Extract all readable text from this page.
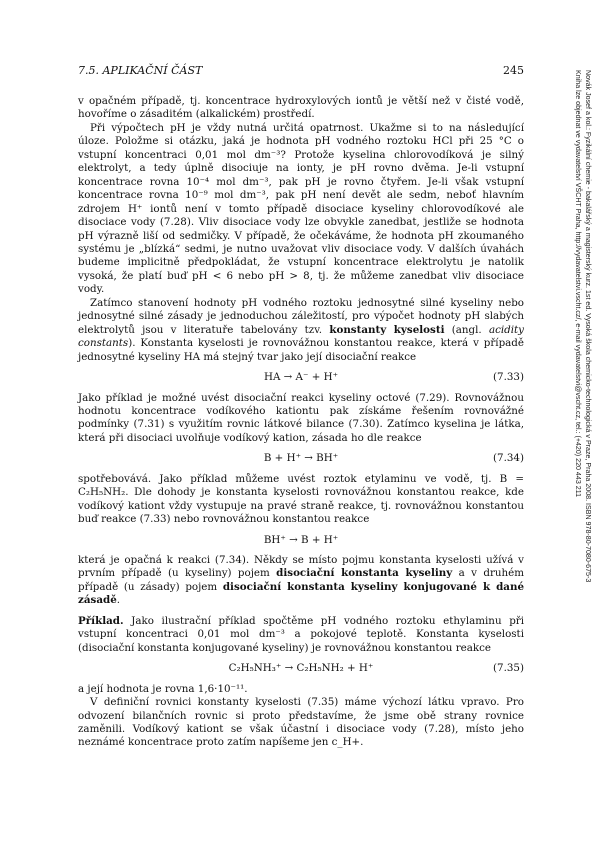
7.5. APLIKAČNÍ ČÁST	245

v opačném případě, tj. koncentrace hydroxylových iontů je větší než v čisté vodě, hovoříme o zásaditém (alkalickém) prostředí.

Při výpočtech pH je vždy nutná určitá opatrnost. Ukažme si to na následující úloze. Položme si otázku, jaká je hodnota pH vodného roztoku HCl při 25 °C o vstupní koncentraci 0,01 mol dm⁻³? Protože kyselina chlorovodíková je silný elektrolyt, a tedy úplně disociuje na ionty, je pH rovno dvěma. Je-li vstupní koncentrace rovna 10⁻⁴ mol dm⁻³, pak pH je rovno čtyřem. Je-li však vstupní koncentrace rovna 10⁻⁹ mol dm⁻³, pak pH není devět ale sedm, neboť hlavním zdrojem H⁺ iontů není v tomto případě disociace kyseliny chlorovodíkové ale disociace vody (7.28). Vliv disociace vody lze obvykle zanedbat, jestliže se hodnota pH výrazně liší od sedmičky. V případě, že očekáváme, že hodnota pH zkoumaného systému je „blízká“ sedmi, je nutno uvažovat vliv disociace vody. V dalších úvahách budeme implicitně předpokládat, že vstupní koncentrace elektrolytu je natolik vysoká, že platí buď pH < 6 nebo pH > 8, tj. že můžeme zanedbat vliv disociace vody.

Zatímco stanovení hodnoty pH vodného roztoku jednosytné silné kyseliny nebo jednosytné silné zásady je jednoduchou záležitostí, pro výpočet hodnoty pH slabých elektrolytů jsou v literatuře tabelovány tzv. konstanty kyselosti (angl. acidity constants). Konstanta kyselosti je rovnovážnou konstantou reakce, která v případě jednosytné kyseliny HA má stejný tvar jako její disociační reakce

HA → A⁻ + H⁺	(7.33)

Jako příklad je možné uvést disociační reakci kyseliny octové (7.29). Rovnovážnou hodnotu koncentrace vodíkového kationtu pak získáme řešením rovnovážné podmínky (7.31) s využitím rovnic látkové bilance (7.30). Zatímco kyselina je látka, která při disociaci uvolňuje vodíkový kation, zásada ho dle reakce

B + H⁺ → BH⁺	(7.34)

spotřebovává. Jako příklad můžeme uvést roztok etylaminu ve vodě, tj. B = C₂H₅NH₂. Dle dohody je konstanta kyselosti rovnovážnou konstantou reakce, kde vodíkový kationt vždy vystupuje na pravé straně reakce, tj. rovnovážnou konstantou buď reakce (7.33) nebo rovnovážnou konstantou reakce

BH⁺ → B + H⁺

která je opačná k reakci (7.34). Někdy se místo pojmu konstanta kyselosti užívá v prvním případě (u kyseliny) pojem disociační konstanta kyseliny a v druhém případě (u zásady) pojem disociační konstanta kyseliny konjugované k dané zásadě.

Příklad. Jako ilustrační příklad spočtěme pH vodného roztoku ethylaminu při vstupní koncentraci 0,01 mol dm⁻³ a pokojové teplotě. Konstanta kyselosti (disociační konstanta konjugované kyseliny) je rovnovážnou konstantou reakce

C₂H₅NH₃⁺ → C₂H₅NH₂ + H⁺	(7.35)

a její hodnota je rovna 1,6·10⁻¹¹.

V definiční rovnici konstanty kyselosti (7.35) máme výchozí látku vpravo. Pro odvození bilančních rovnic si proto představíme, že jsme obě strany rovnice zaměnili. Vodíkový kationt se však účastní i disociace vody (7.28), místo jeho neznámé koncentrace proto zatím napíšeme jen c_H+.

Novák Josef a kol.: Fyzikální chemie - bakalářský a magisterský kurz. 1st ed. Vysoká škola chemicko-technologická v Praze, Praha 2008. ISBN 978-80-7080-675-3
Kniha lze objednat ve vydavatelství VŠCHT Praha, http://vydavatelstvi.vscht.cz/, e-mail vydavatelstvi@vscht.cz, tel.: (+420) 220 443 211
